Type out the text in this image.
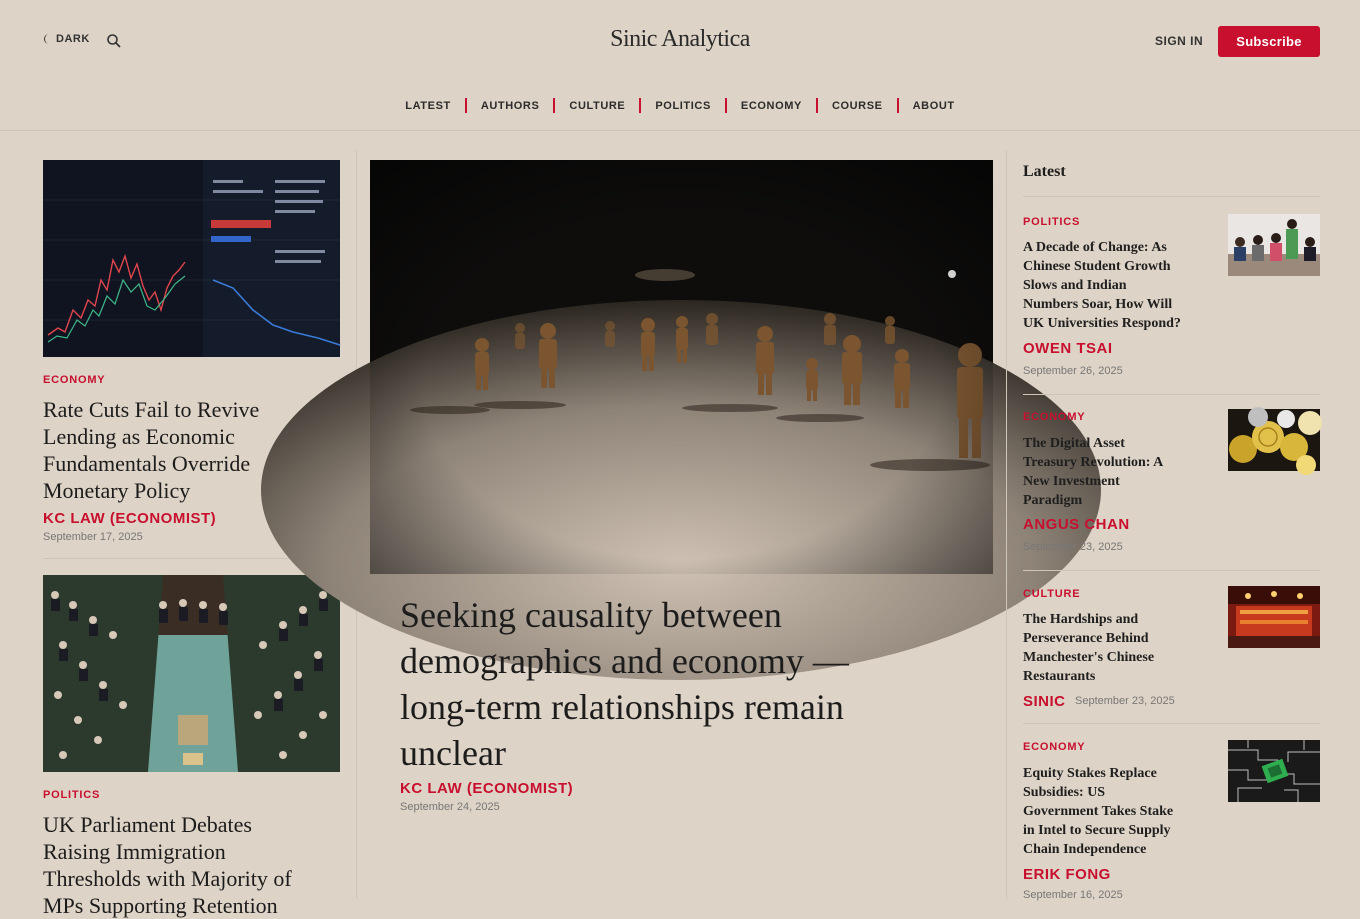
DARK	Sinic Analytica	SIGN IN	Subscribe
LATEST	AUTHORS	CULTURE	POLITICS	ECONOMY	COURSE	ABOUT
ECONOMY
Rate Cuts Fail to Revive
Lending as Economic
Fundamentals Override
Monetary Policy
KC LAW (ECONOMIST)
September 17, 2025
POLITICS
UK Parliament Debates
Raising Immigration
Thresholds with Majority of
MPs Supporting Retention
Seeking causality between
demographics and economy —
long-term relationships remain
unclear
KC LAW (ECONOMIST)
September 24, 2025
Latest
POLITICS
A Decade of Change: As
Chinese Student Growth
Slows and Indian
Numbers Soar, How Will
UK Universities Respond?
OWEN TSAI
September 26, 2025
ECONOMY
The Digital Asset
Treasury Revolution: A
New Investment
Paradigm
ANGUS CHAN
September 23, 2025
CULTURE
The Hardships and
Perseverance Behind
Manchester's Chinese
Restaurants
SINIC September 23, 2025
ECONOMY
Equity Stakes Replace
Subsidies: US
Government Takes Stake
in Intel to Secure Supply
Chain Independence
ERIK FONG
September 16, 2025
